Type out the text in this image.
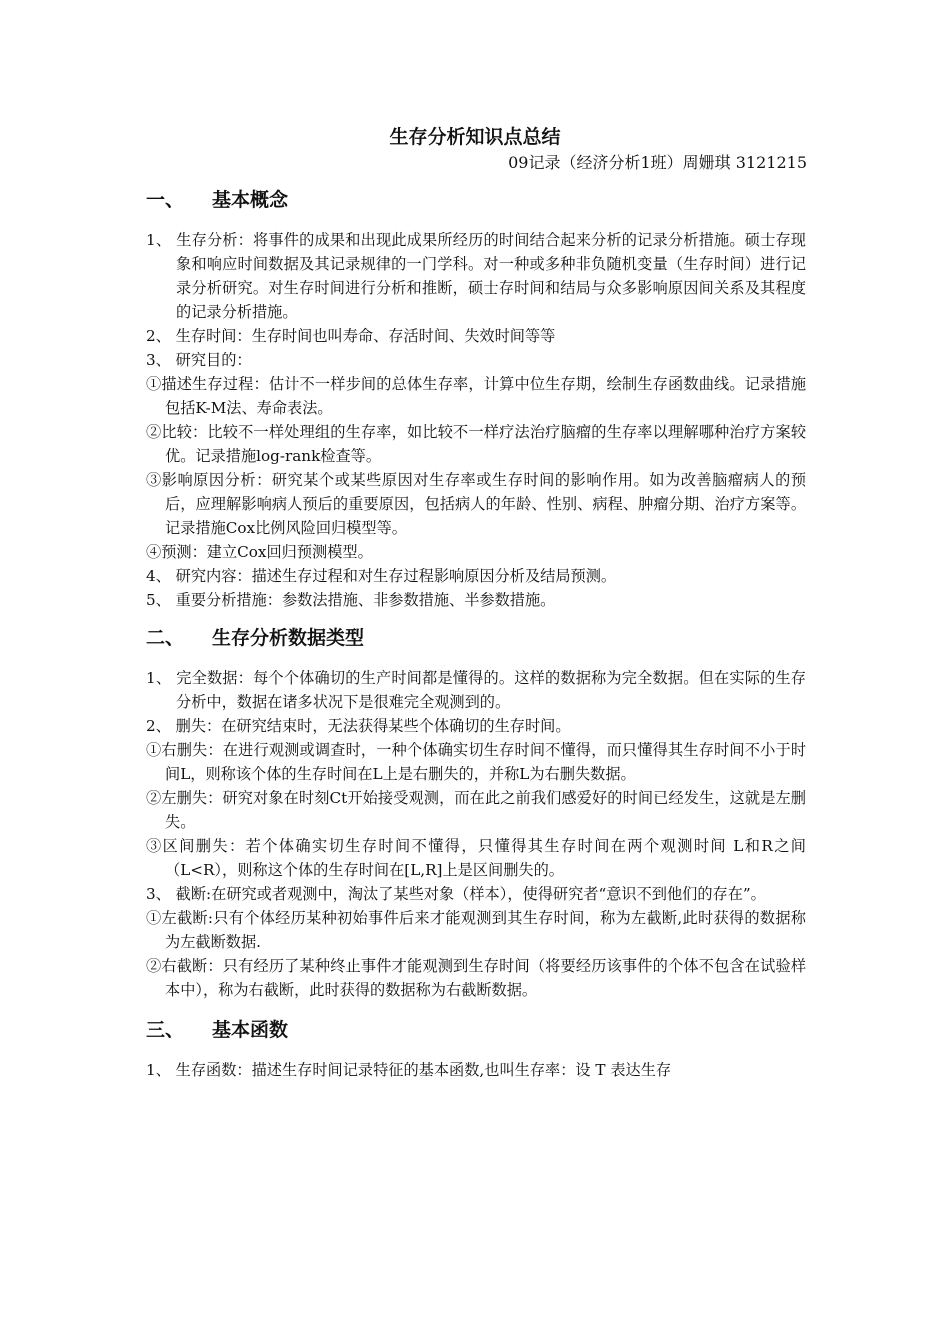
生存分析知识点总结
09记录（经济分析1班）周姗琪 3121215
一、 基本概念
1、 生存分析：将事件的成果和出现此成果所经历的时间结合起来分析的记录分析措施。硕士存现象和响应时间数据及其记录规律的一门学科。对一种或多种非负随机变量（生存时间）进行记录分析研究。对生存时间进行分析和推断，硕士存时间和结局与众多影响原因间关系及其程度的记录分析措施。
2、 生存时间：生存时间也叫寿命、存活时间、失效时间等等
3、 研究目的：
①描述生存过程：估计不一样步间的总体生存率，计算中位生存期，绘制生存函数曲线。记录措施包括K-M法、寿命表法。
②比较：比较不一样处理组的生存率，如比较不一样疗法治疗脑瘤的生存率以理解哪种治疗方案较优。记录措施log-rank检查等。
③影响原因分析：研究某个或某些原因对生存率或生存时间的影响作用。如为改善脑瘤病人的预后，应理解影响病人预后的重要原因，包括病人的年龄、性别、病程、肿瘤分期、治疗方案等。记录措施Cox比例风险回归模型等。
④预测：建立Cox回归预测模型。
4、 研究内容：描述生存过程和对生存过程影响原因分析及结局预测。
5、 重要分析措施：参数法措施、非参数措施、半参数措施。
二、 生存分析数据类型
1、 完全数据：每个个体确切的生产时间都是懂得的。这样的数据称为完全数据。但在实际的生存分析中，数据在诸多状况下是很难完全观测到的。
2、 删失：在研究结束时，无法获得某些个体确切的生存时间。
①右删失：在进行观测或调查时，一种个体确实切生存时间不懂得，而只懂得其生存时间不小于时间L，则称该个体的生存时间在L上是右删失的，并称L为右删失数据。
②左删失：研究对象在时刻Ct开始接受观测，而在此之前我们感爱好的时间已经发生，这就是左删失。
③区间删失：若个体确实切生存时间不懂得，只懂得其生存时间在两个观测时间 L和R之间（L<R），则称这个体的生存时间在[L,R]上是区间删失的。
3、 截断:在研究或者观测中，淘汰了某些对象（样本），使得研究者“意识不到他们的存在”。
①左截断:只有个体经历某种初始事件后来才能观测到其生存时间，称为左截断,此时获得的数据称为左截断数据.
②右截断：只有经历了某种终止事件才能观测到生存时间（将要经历该事件的个体不包含在试验样本中），称为右截断，此时获得的数据称为右截断数据。
三、 基本函数
1、 生存函数：描述生存时间记录特征的基本函数,也叫生存率：设 T 表达生存
